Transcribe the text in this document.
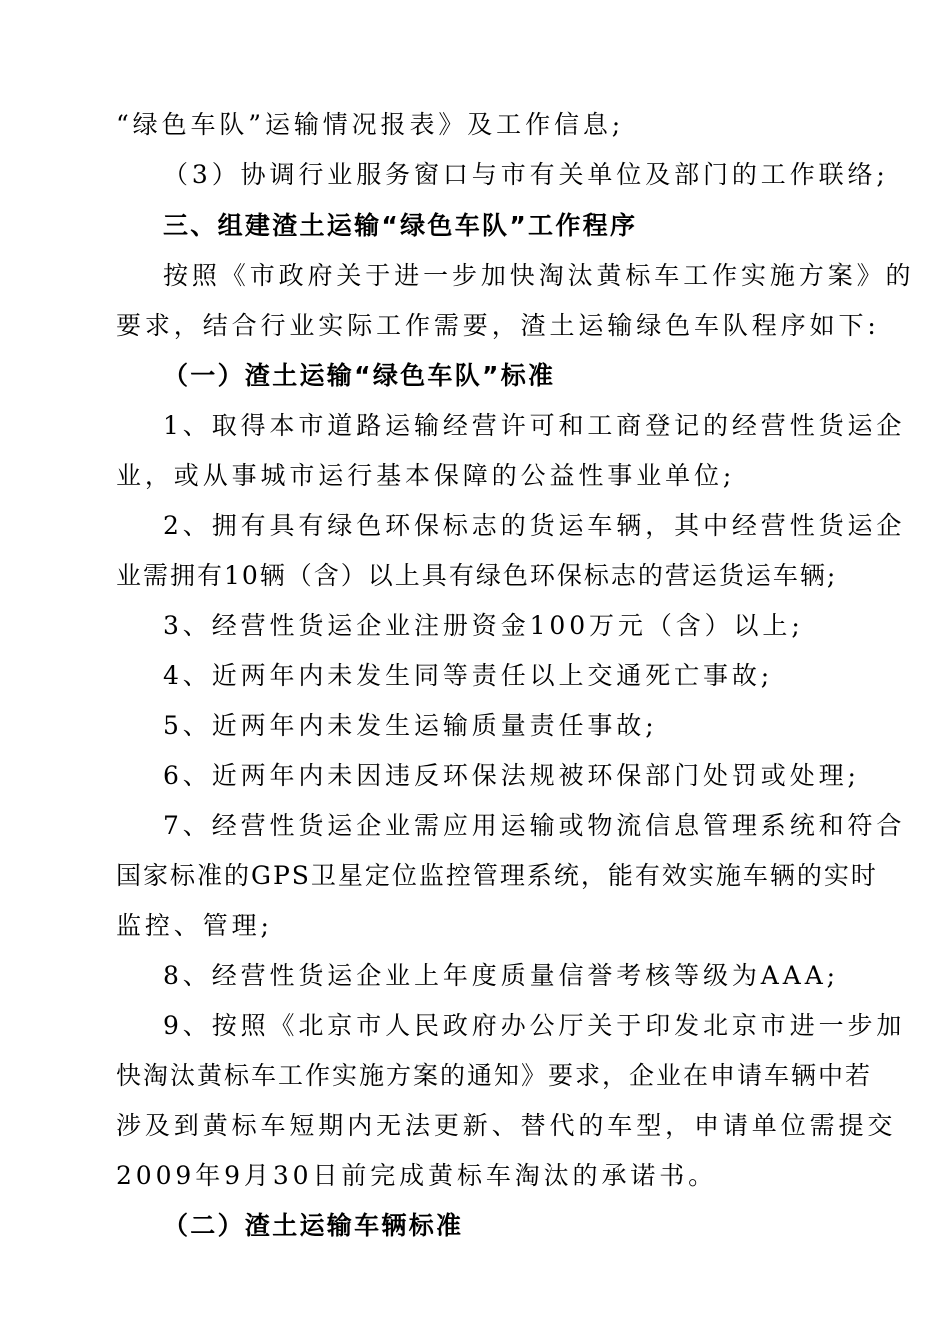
“绿色车队”运输情况报表》及工作信息;
（3）协调行业服务窗口与市有关单位及部门的工作联络;
三、组建渣土运输“绿色车队”工作程序
按照《市政府关于进一步加快淘汰黄标车工作实施方案》的
要求，结合行业实际工作需要，渣土运输绿色车队程序如下:
（一）渣土运输“绿色车队”标准
1、取得本市道路运输经营许可和工商登记的经营性货运企
业，或从事城市运行基本保障的公益性事业单位;
2、拥有具有绿色环保标志的货运车辆，其中经营性货运企
业需拥有10辆（含）以上具有绿色环保标志的营运货运车辆;
3、经营性货运企业注册资金100万元（含）以上;
4、近两年内未发生同等责任以上交通死亡事故;
5、近两年内未发生运输质量责任事故;
6、近两年内未因违反环保法规被环保部门处罚或处理;
7、经营性货运企业需应用运输或物流信息管理系统和符合
国家标准的GPS卫星定位监控管理系统，能有效实施车辆的实时
监控、管理;
8、经营性货运企业上年度质量信誉考核等级为AAA;
9、按照《北京市人民政府办公厅关于印发北京市进一步加
快淘汰黄标车工作实施方案的通知》要求，企业在申请车辆中若
涉及到黄标车短期内无法更新、替代的车型，申请单位需提交
2009年9月30日前完成黄标车淘汰的承诺书。
（二）渣土运输车辆标准
